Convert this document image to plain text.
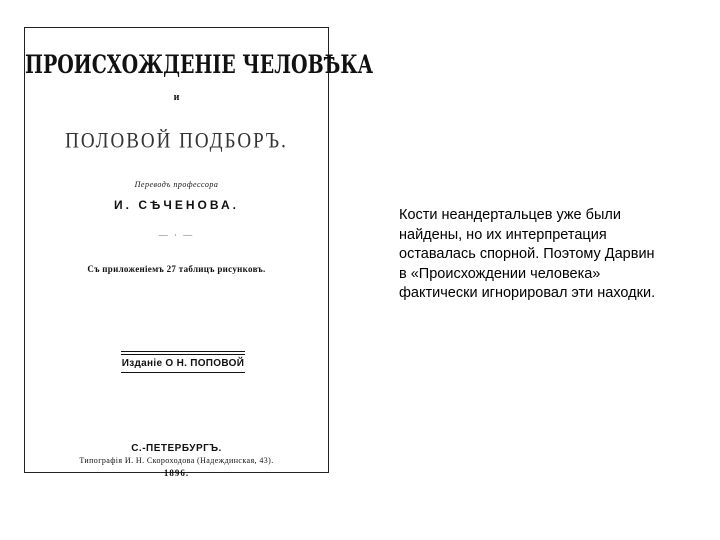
ПРОИСХОЖДЕНІЕ ЧЕЛОВѢКА
и
ПОЛОВОЙ ПОДБОРЪ.
Переводъ профессора
И. СѢЧЕНОВА.
— · —
Съ приложеніемъ 27 таблицъ рисунковъ.
Изданіе О Н. ПОПОВОЙ
С.-ПЕТЕРБУРГЪ.
Типографія И. Н. Скороходова (Надеждинская, 43).
1896.
Кости неандертальцев уже были
найдены, но их интерпретация
оставалась спорной. Поэтому Дарвин
в «Происхождении человека»
фактически игнорировал эти находки.
